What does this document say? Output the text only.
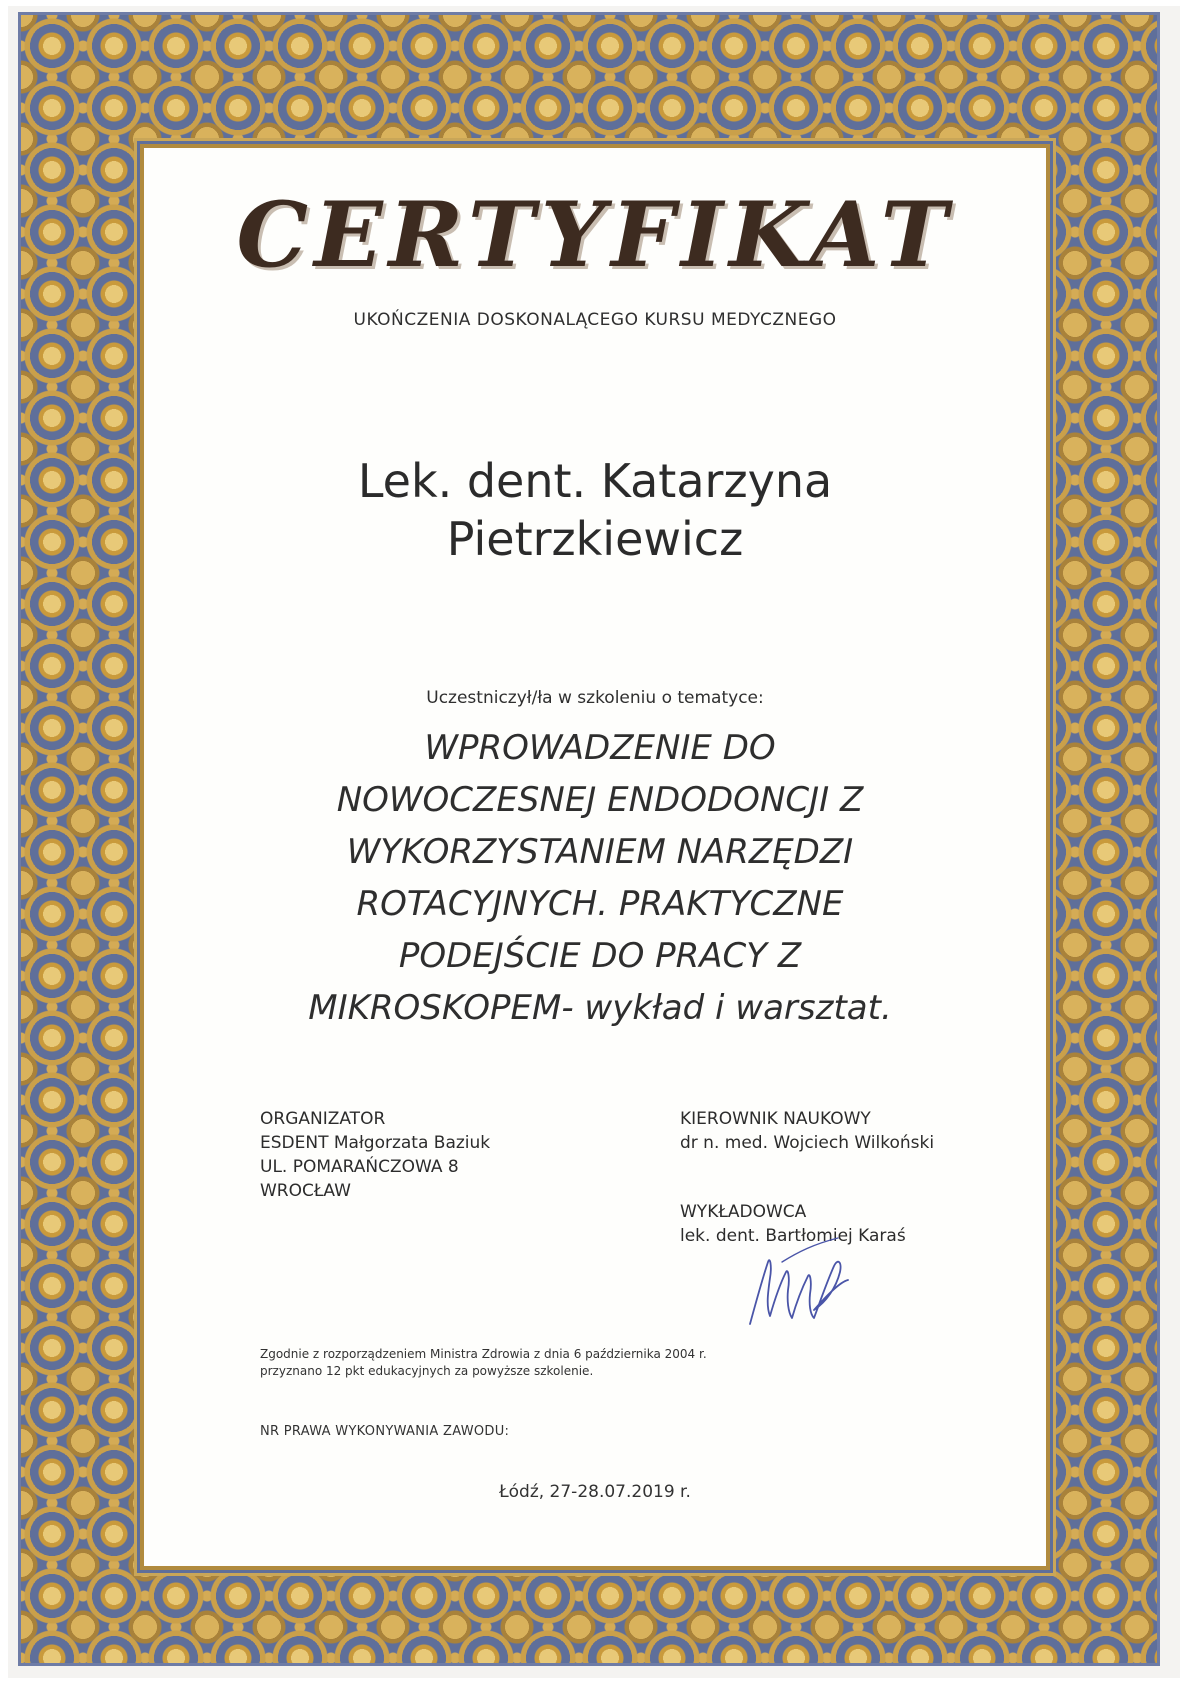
CERTYFIKAT
UKOŃCZENIA DOSKONALĄCEGO KURSU MEDYCZNEGO
Lek. dent. Katarzyna
Pietrzkiewicz
Uczestniczył/ła w szkoleniu o tematyce:
WPROWADZENIE DO
NOWOCZESNEJ ENDODONCJI Z
WYKORZYSTANIEM NARZĘDZI
ROTACYJNYCH. PRAKTYCZNE
PODEJŚCIE DO PRACY Z
MIKROSKOPEM- wykład i warsztat.
ORGANIZATOR
ESDENT Małgorzata Baziuk
UL. POMARAŃCZOWA 8
WROCŁAW
KIEROWNIK NAUKOWY
dr n. med. Wojciech Wilkoński
WYKŁADOWCA
lek. dent. Bartłomiej Karaś
Zgodnie z rozporządzeniem Ministra Zdrowia z dnia 6 października 2004 r.
przyznano 12 pkt edukacyjnych za powyższe szkolenie.
NR PRAWA WYKONYWANIA ZAWODU:
Łódź, 27-28.07.2019 r.
